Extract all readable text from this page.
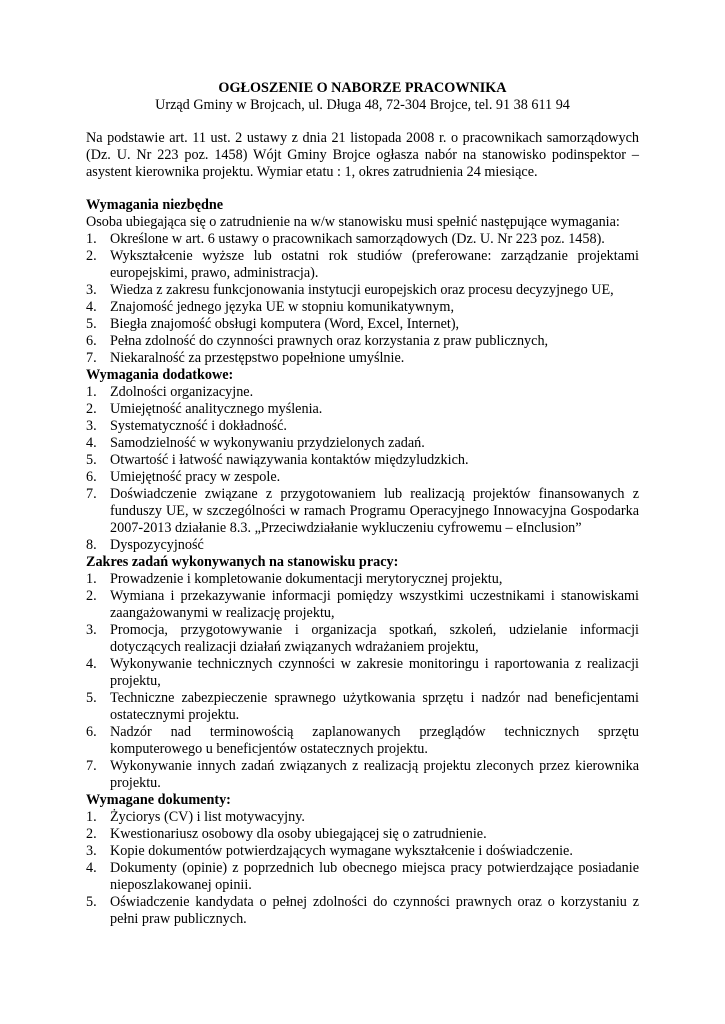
OGŁOSZENIE O NABORZE PRACOWNIKA
Urząd Gminy w Brojcach, ul. Długa 48, 72-304 Brojce, tel. 91 38 611 94
Na podstawie art. 11 ust. 2 ustawy z dnia 21 listopada 2008 r. o pracownikach samorządowych (Dz. U. Nr 223 poz. 1458) Wójt Gminy Brojce ogłasza nabór na stanowisko podinspektor – asystent kierownika projektu. Wymiar etatu : 1, okres zatrudnienia 24 miesiące.
Wymagania niezbędne
Osoba ubiegająca się o zatrudnienie na w/w stanowisku musi spełnić następujące wymagania:
1. Określone w art. 6 ustawy o pracownikach samorządowych (Dz. U. Nr 223 poz. 1458).
2. Wykształcenie wyższe lub ostatni rok studiów (preferowane: zarządzanie projektami europejskimi, prawo, administracja).
3. Wiedza z zakresu funkcjonowania instytucji europejskich oraz procesu decyzyjnego UE,
4. Znajomość jednego języka UE w stopniu komunikatywnym,
5. Biegła znajomość obsługi komputera (Word, Excel, Internet),
6. Pełna zdolność do czynności prawnych oraz korzystania z praw publicznych,
7. Niekaralność za przestępstwo popełnione umyślnie.
Wymagania dodatkowe:
1. Zdolności organizacyjne.
2. Umiejętność analitycznego myślenia.
3. Systematyczność i dokładność.
4. Samodzielność w wykonywaniu przydzielonych zadań.
5. Otwartość i łatwość nawiązywania kontaktów międzyludzkich.
6. Umiejętność pracy w zespole.
7. Doświadczenie związane z przygotowaniem lub realizacją projektów finansowanych z funduszy UE, w szczególności w ramach Programu Operacyjnego Innowacyjna Gospodarka 2007-2013 działanie 8.3. „Przeciwdziałanie wykluczeniu cyfrowemu – eInclusion”
8. Dyspozycyjność
Zakres zadań wykonywanych na stanowisku pracy:
1. Prowadzenie i kompletowanie dokumentacji merytorycznej projektu,
2. Wymiana i przekazywanie informacji pomiędzy wszystkimi uczestnikami i stanowiskami zaangażowanymi w realizację projektu,
3. Promocja, przygotowywanie i organizacja spotkań, szkoleń, udzielanie informacji dotyczących realizacji działań związanych wdrażaniem projektu,
4. Wykonywanie technicznych czynności w zakresie monitoringu i raportowania z realizacji projektu,
5. Techniczne zabezpieczenie sprawnego użytkowania sprzętu i nadzór nad beneficjentami ostatecznymi projektu.
6. Nadzór nad terminowością zaplanowanych przeglądów technicznych sprzętu komputerowego u beneficjentów ostatecznych projektu.
7. Wykonywanie innych zadań związanych z realizacją projektu zleconych przez kierownika projektu.
Wymagane dokumenty:
1. Życiorys (CV) i list motywacyjny.
2. Kwestionariusz osobowy dla osoby ubiegającej się o zatrudnienie.
3. Kopie dokumentów potwierdzających wymagane wykształcenie i doświadczenie.
4. Dokumenty (opinie) z poprzednich lub obecnego miejsca pracy potwierdzające posiadanie nieposzlakowanej opinii.
5. Oświadczenie kandydata o pełnej zdolności do czynności prawnych oraz o korzystaniu z pełni praw publicznych.
